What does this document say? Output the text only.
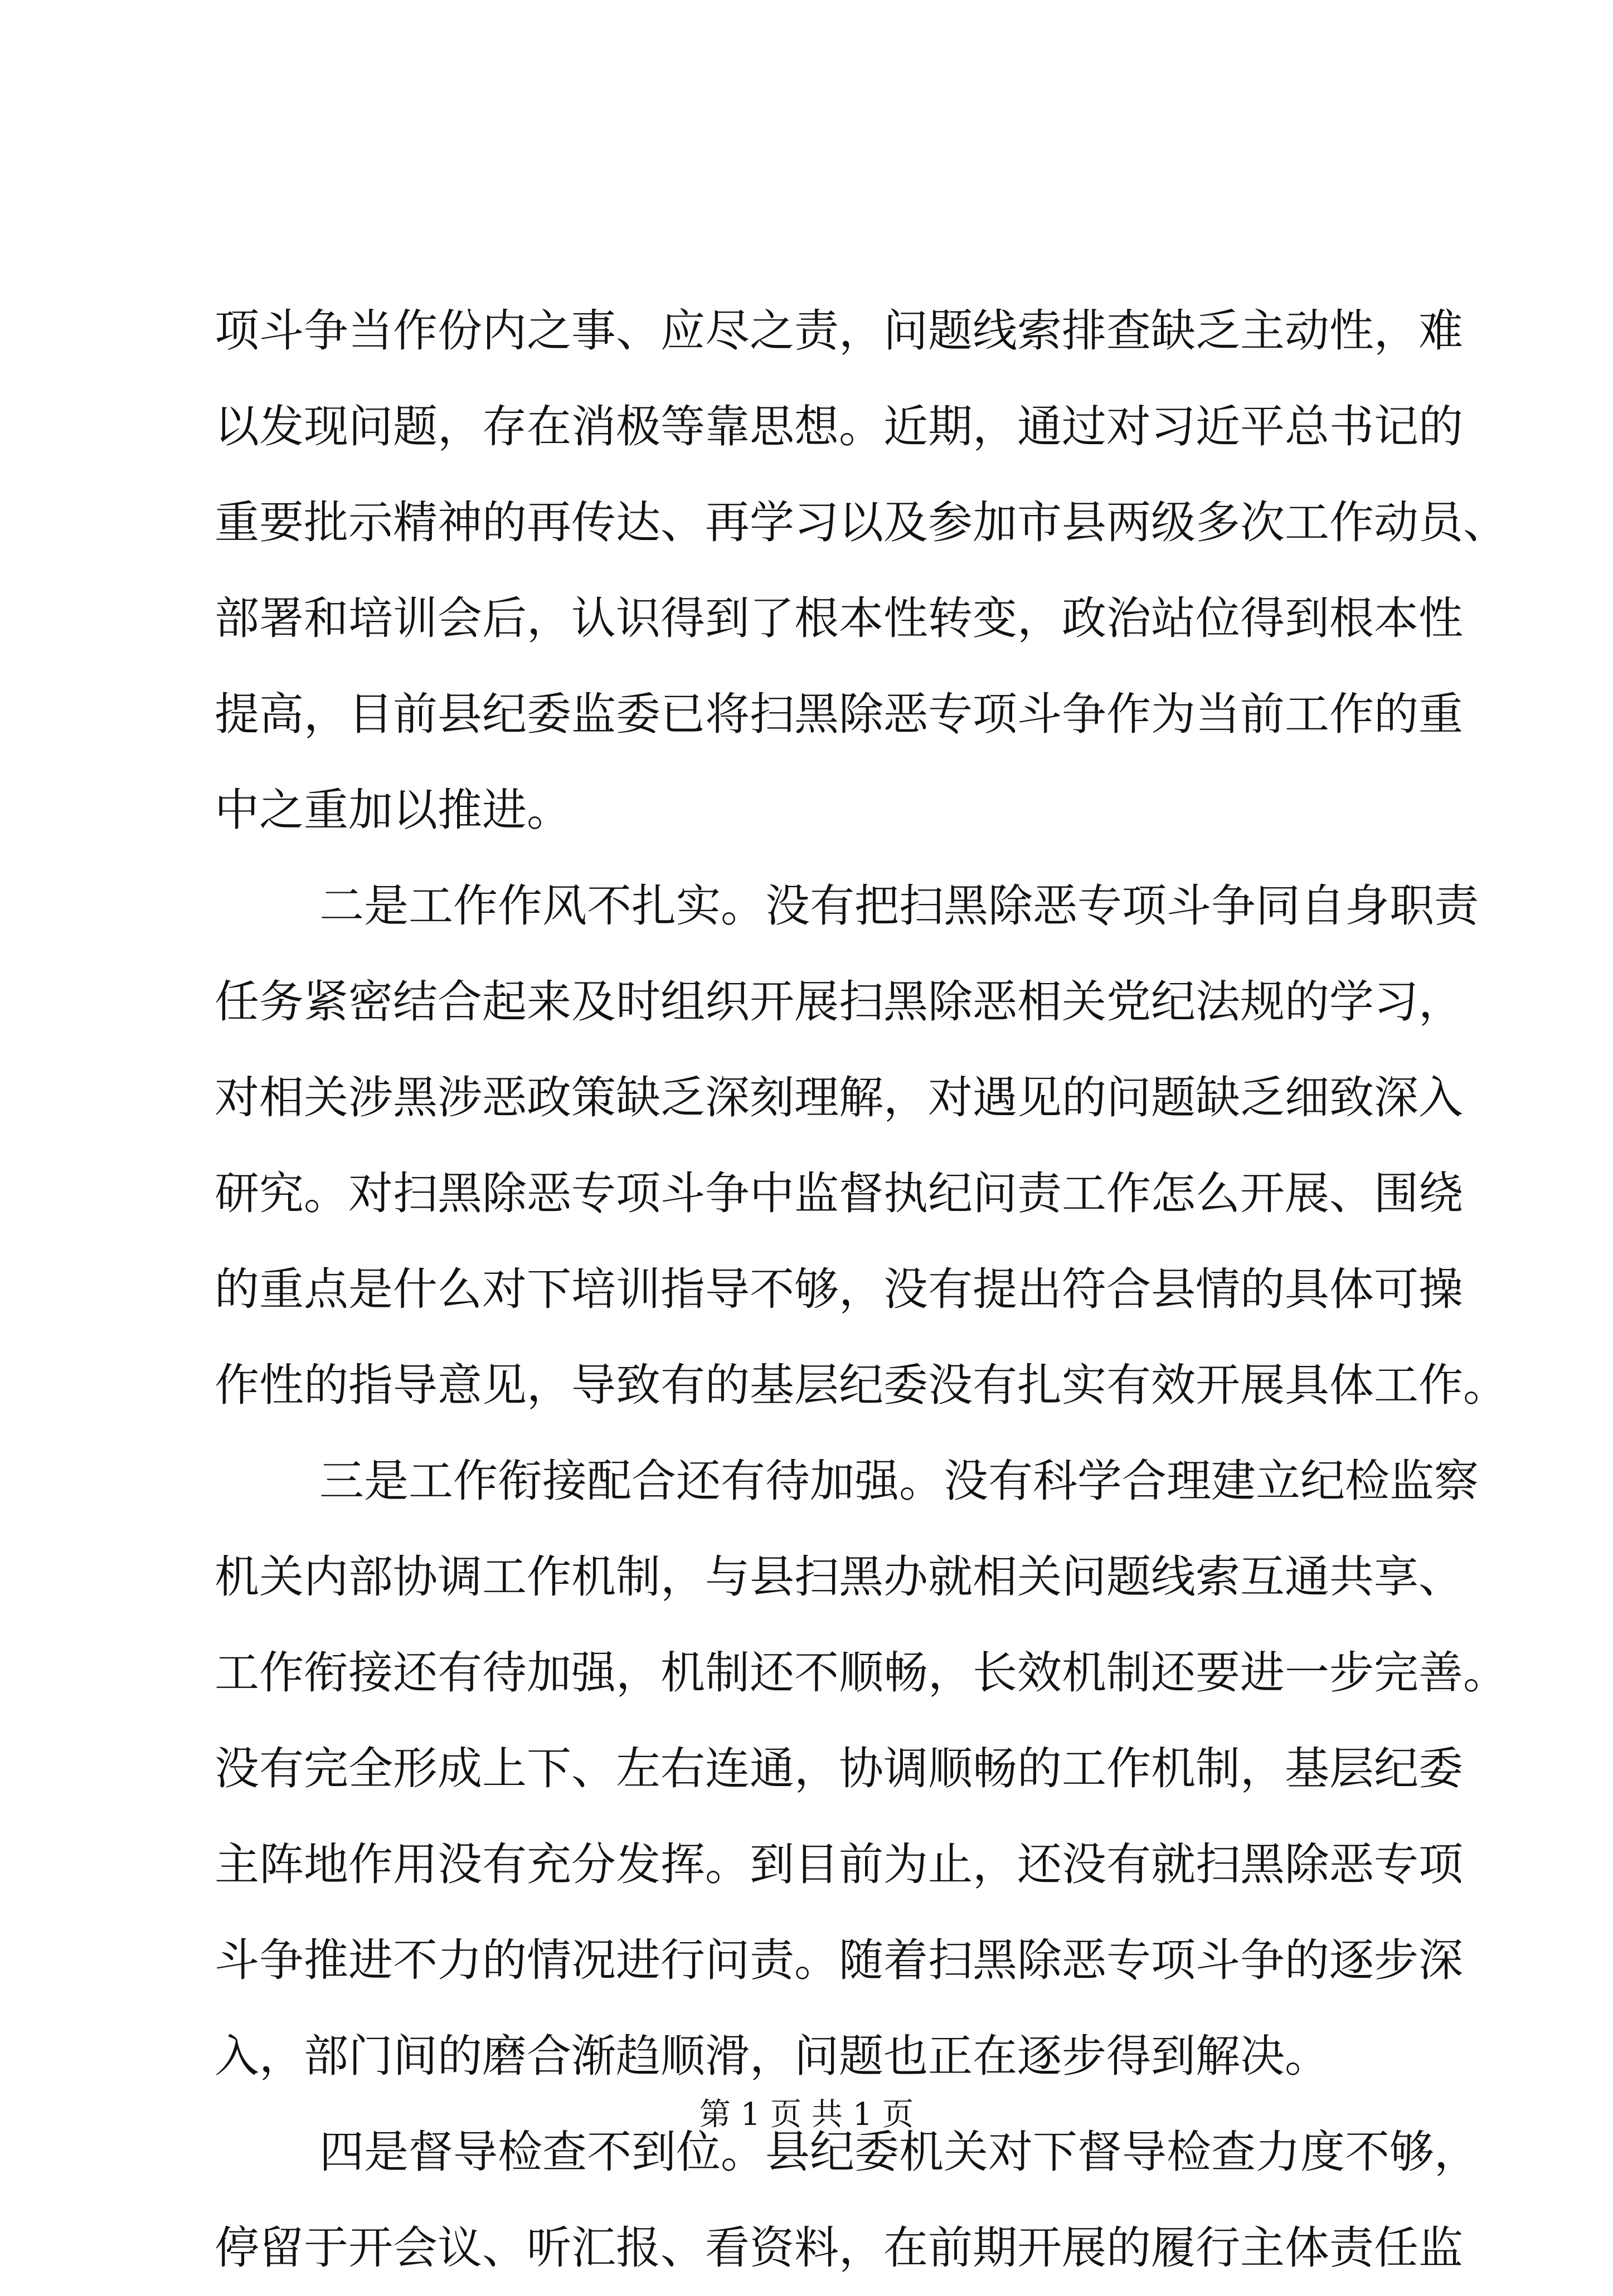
项斗争当作份内之事、应尽之责，问题线索排查缺乏主动性，难
以发现问题，存在消极等靠思想。近期，通过对习近平总书记的
重要批示精神的再传达、再学习以及参加市县两级多次工作动员、
部署和培训会后，认识得到了根本性转变，政治站位得到根本性
提高，目前县纪委监委已将扫黑除恶专项斗争作为当前工作的重
中之重加以推进。
二是工作作风不扎实。没有把扫黑除恶专项斗争同自身职责
任务紧密结合起来及时组织开展扫黑除恶相关党纪法规的学习，
对相关涉黑涉恶政策缺乏深刻理解，对遇见的问题缺乏细致深入
研究。对扫黑除恶专项斗争中监督执纪问责工作怎么开展、围绕
的重点是什么对下培训指导不够，没有提出符合县情的具体可操
作性的指导意见，导致有的基层纪委没有扎实有效开展具体工作。
三是工作衔接配合还有待加强。没有科学合理建立纪检监察
机关内部协调工作机制，与县扫黑办就相关问题线索互通共享、
工作衔接还有待加强，机制还不顺畅，长效机制还要进一步完善。
没有完全形成上下、左右连通，协调顺畅的工作机制，基层纪委
主阵地作用没有充分发挥。到目前为止，还没有就扫黑除恶专项
斗争推进不力的情况进行问责。随着扫黑除恶专项斗争的逐步深
入，部门间的磨合渐趋顺滑，问题也正在逐步得到解决。
四是督导检查不到位。县纪委机关对下督导检查力度不够，
停留于开会议、听汇报、看资料，在前期开展的履行主体责任监
第 1 页 共 1 页
